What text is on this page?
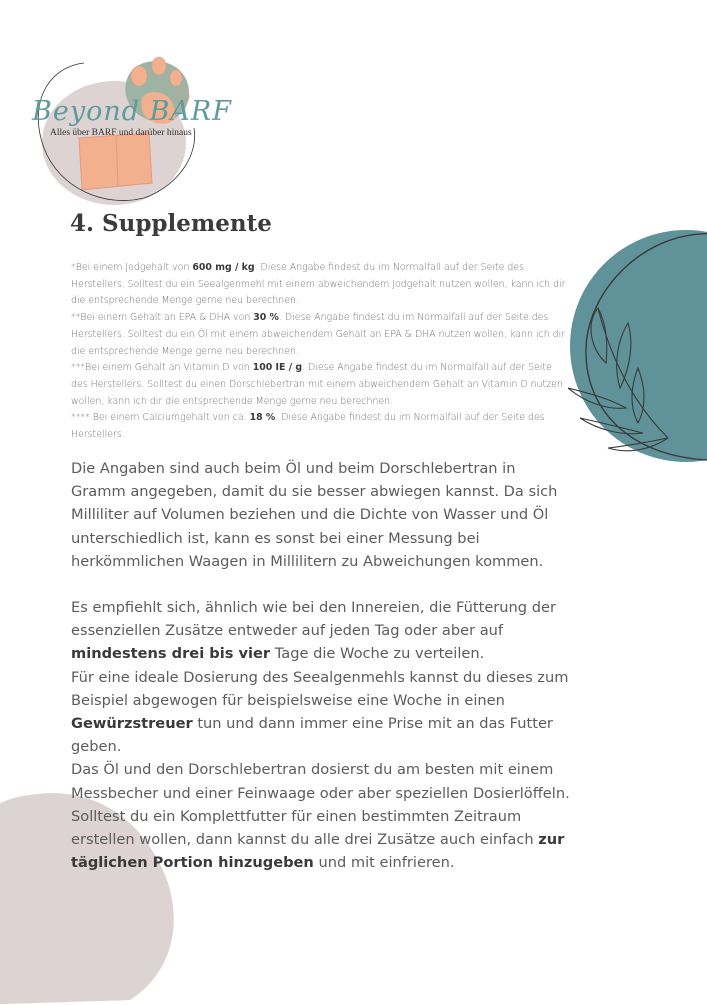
Beyond BARF
Alles über BARF und darüber hinaus
4. Supplemente

*Bei einem Jodgehalt von 600 mg / kg. Diese Angabe findest du im Normalfall auf der Seite des Herstellers. Solltest du ein Seealgenmehl mit einem abweichendem Jodgehalt nutzen wollen, kann ich dir die entsprechende Menge gerne neu berechnen.

**Bei einem Gehalt an EPA & DHA von 30 %. Diese Angabe findest du im Normalfall auf der Seite des Herstellers. Solltest du ein Öl mit einem abweichendem Gehalt an EPA & DHA nutzen wollen, kann ich dir die entsprechende Menge gerne neu berechnen.

***Bei einem Gehalt an Vitamin D von 100 IE / g. Diese Angabe findest du im Normalfall auf der Seite des Herstellers. Solltest du einen Dorschlebertran mit einem abweichendem Gehalt an Vitamin D nutzen wollen, kann ich dir die entsprechende Menge gerne neu berechnen.

**** Bei einem Calciumgehalt von ca. 18 %. Diese Angabe findest du im Normalfall auf der Seite des Herstellers.

Die Angaben sind auch beim Öl und beim Dorschlebertran in Gramm angegeben, damit du sie besser abwiegen kannst. Da sich Milliliter auf Volumen beziehen und die Dichte von Wasser und Öl unterschiedlich ist, kann es sonst bei einer Messung bei herkömmlichen Waagen in Millilitern zu Abweichungen kommen.

Es empfiehlt sich, ähnlich wie bei den Innereien, die Fütterung der essenziellen Zusätze entweder auf jeden Tag oder aber auf mindestens drei bis vier Tage die Woche zu verteilen.

Für eine ideale Dosierung des Seealgenmehls kannst du dieses zum Beispiel abgewogen für beispielsweise eine Woche in einen Gewürzstreuer tun und dann immer eine Prise mit an das Futter geben.

Das Öl und den Dorschlebertran dosierst du am besten mit einem Messbecher und einer Feinwaage oder aber speziellen Dosierlöffeln.

Solltest du ein Komplettfutter für einen bestimmten Zeitraum erstellen wollen, dann kannst du alle drei Zusätze auch einfach zur täglichen Portion hinzugeben und mit einfrieren.
